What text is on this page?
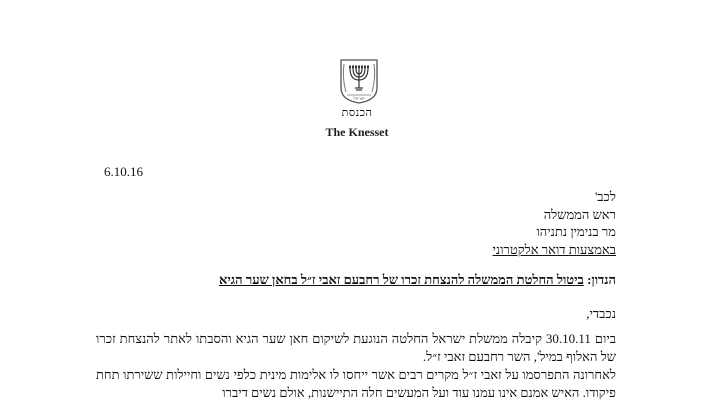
ישראל
הכנסת
The Knesset
6.10.16
לכב'
ראש הממשלה
מר בנימין נתניהו
באמצעות דואר אלקטרוני
הנדון: ביטול החלטת הממשלה להנצחת זכרו של רחבעם זאבי ז״ל בחאן שער הגיא
נכבדי,
ביום 30.10.11 קיבלה ממשלת ישראל החלטה הנוגעת לשיקום חאן שער הגיא והסבתו לאתר להנצחת זכרו של האלוף במיל', השר רחבעם זאבי ז״ל.
לאחרונה התפרסמו על זאבי ז״ל מקרים רבים אשר ייחסו לו אלימות מינית כלפי נשים וחיילות ששירתו תחת פיקודו. האיש אמנם אינו עמנו עוד ועל המעשים חלה התיישנות, אולם נשים דיברו
